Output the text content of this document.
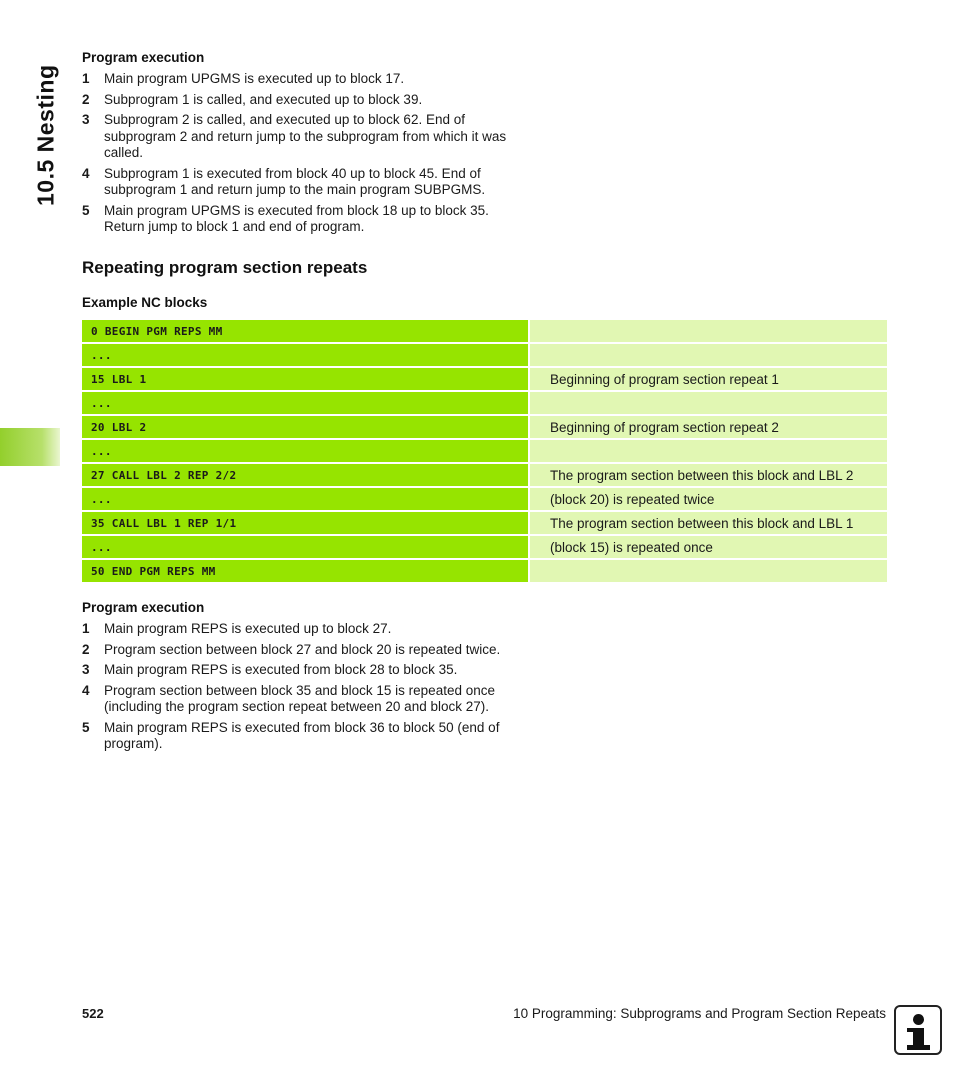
10.5 Nesting
Program execution
1	Main program UPGMS is executed up to block 17.
2	Subprogram 1 is called, and executed up to block 39.
3	Subprogram 2 is called, and executed up to block 62. End of subprogram 2 and return jump to the subprogram from which it was called.
4	Subprogram 1 is executed from block 40 up to block 45. End of subprogram 1 and return jump to the main program SUBPGMS.
5	Main program UPGMS is executed from block 18 up to block 35. Return jump to block 1 and end of program.
Repeating program section repeats
Example NC blocks
0 BEGIN PGM REPS MM
...
15 LBL 1	Beginning of program section repeat 1
...
20 LBL 2	Beginning of program section repeat 2
...
27 CALL LBL 2 REP 2/2	The program section between this block and LBL 2
...	(block 20) is repeated twice
35 CALL LBL 1 REP 1/1	The program section between this block and LBL 1
...	(block 15) is repeated once
50 END PGM REPS MM
Program execution
1	Main program REPS is executed up to block 27.
2	Program section between block 27 and block 20 is repeated twice.
3	Main program REPS is executed from block 28 to block 35.
4	Program section between block 35 and block 15 is repeated once (including the program section repeat between 20 and block 27).
5	Main program REPS is executed from block 36 to block 50 (end of program).
522	10 Programming: Subprograms and Program Section Repeats
